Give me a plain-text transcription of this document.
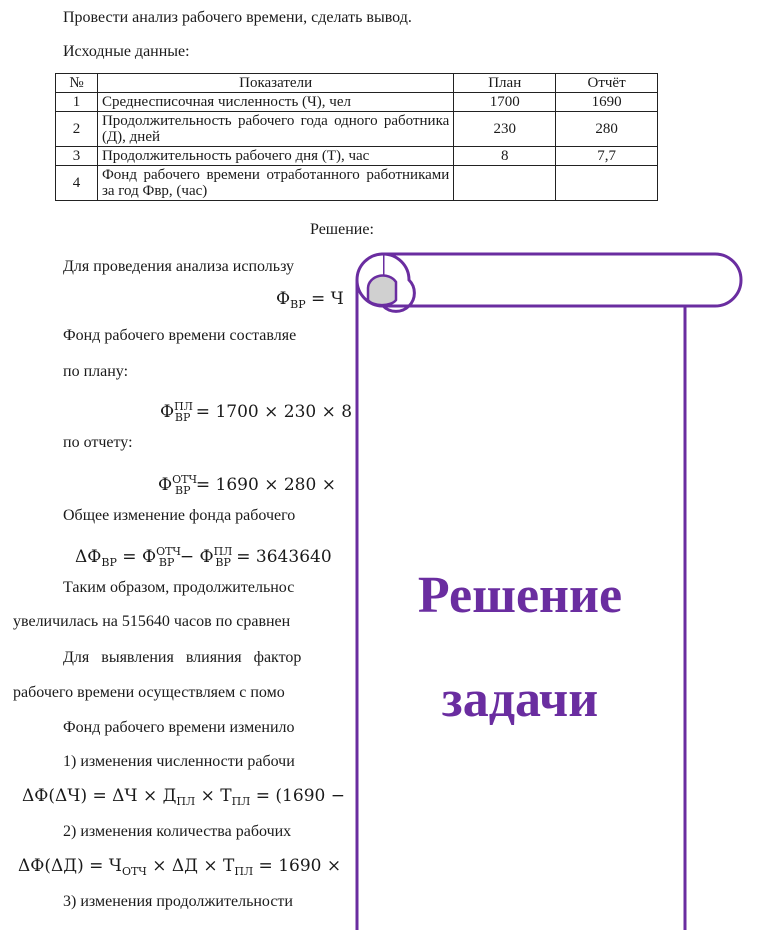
Провести анализ рабочего времени, сделать вывод.
Исходные данные:
№	Показатели	План	Отчёт
1	Среднесписочная численность (Ч), чел	1700	1690
2	Продолжительность рабочего года одного работника (Д), дней	230	280
3	Продолжительность рабочего дня (Т), час	8	7,7
4	Фонд рабочего времени отработанного работниками за год Фвр, (час)		
Решение:
Для проведения анализа использу
$Ф_{ВР} = Ч$
Фонд рабочего времени составляе
по плану:
$Ф^{ПЛ}_{ВР} = 1700 \times 230 \times 8$
по отчету:
$Ф^{ОТЧ}_{ВР} = 1690 \times 280$ ×
Общее изменение фонда рабочего
$\Delta Ф_{ВР} = Ф^{ОТЧ}_{ВР} - Ф^{ПЛ}_{ВР} = 3643640$
Таким образом, продолжительнос
увеличилась на 515640 часов по сравнен
Для выявления влияния фактор
рабочего времени осуществляем с помо
Фонд рабочего времени изменило
1) изменения численности рабочи
$\Delta Ф(\Delta Ч) = \Delta Ч \times Д_{ПЛ} \times Т_{ПЛ} = (1690$ −
2) изменения количества рабочих
$\Delta Ф(\Delta Д) = Ч_{ОТЧ} \times \Delta Д \times Т_{ПЛ} = 1690$ ×
3) изменения продолжительности
Решение
задачи
